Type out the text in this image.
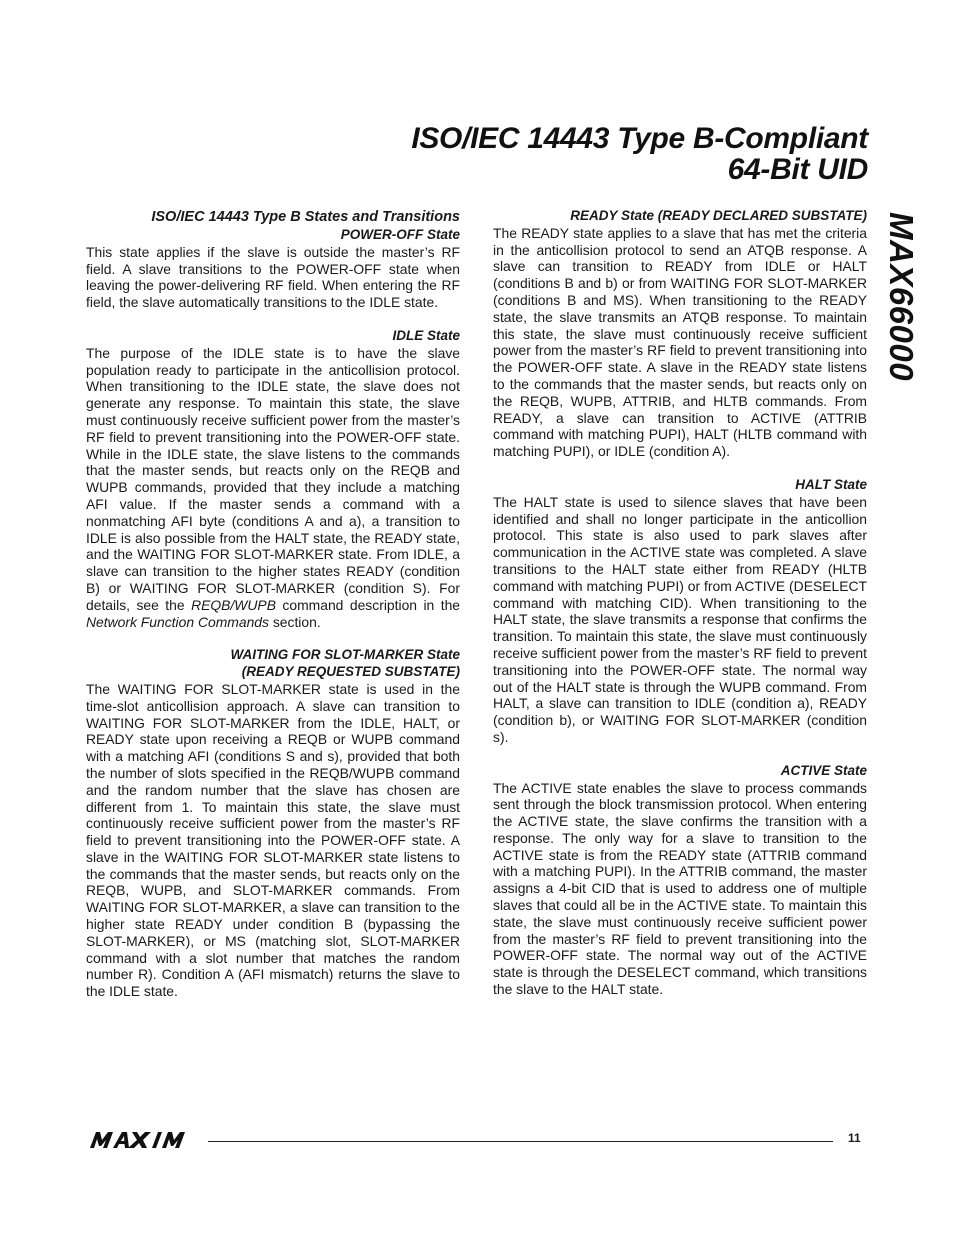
ISO/IEC 14443 Type B-Compliant
64-Bit UID
MAX66000
ISO/IEC 14443 Type B States and Transitions
POWER-OFF State

This state applies if the slave is outside the master’s RF field. A slave transitions to the POWER-OFF state when leaving the power-delivering RF field. When entering the RF field, the slave automatically transitions to the IDLE state.

IDLE State

The purpose of the IDLE state is to have the slave population ready to participate in the anticollision protocol. When transitioning to the IDLE state, the slave does not generate any response. To maintain this state, the slave must continuously receive sufficient power from the master’s RF field to prevent transitioning into the POWER-OFF state. While in the IDLE state, the slave listens to the commands that the master sends, but reacts only on the REQB and WUPB commands, provided that they include a matching AFI value. If the master sends a command with a nonmatching AFI byte (conditions A and a), a transition to IDLE is also possible from the HALT state, the READY state, and the WAITING FOR SLOT-MARKER state. From IDLE, a slave can transition to the higher states READY (condition B) or WAITING FOR SLOT-MARKER (condition S). For details, see the REQB/WUPB command description in the Network Function Commands section.

WAITING FOR SLOT-MARKER State
(READY REQUESTED SUBSTATE)

The WAITING FOR SLOT-MARKER state is used in the time-slot anticollision approach. A slave can transition to WAITING FOR SLOT-MARKER from the IDLE, HALT, or READY state upon receiving a REQB or WUPB command with a matching AFI (conditions S and s), provided that both the number of slots specified in the REQB/WUPB command and the random number that the slave has chosen are different from 1. To maintain this state, the slave must continuously receive sufficient power from the master’s RF field to prevent transitioning into the POWER-OFF state. A slave in the WAITING FOR SLOT-MARKER state listens to the commands that the master sends, but reacts only on the REQB, WUPB, and SLOT-MARKER commands. From WAITING FOR SLOT-MARKER, a slave can transition to the higher state READY under condition B (bypassing the SLOT-MARKER), or MS (matching slot, SLOT-MARKER command with a slot number that matches the random number R). Condition A (AFI mismatch) returns the slave to the IDLE state.

READY State (READY DECLARED SUBSTATE)

The READY state applies to a slave that has met the criteria in the anticollision protocol to send an ATQB response. A slave can transition to READY from IDLE or HALT (conditions B and b) or from WAITING FOR SLOT-MARKER (conditions B and MS). When transitioning to the READY state, the slave transmits an ATQB response. To maintain this state, the slave must continuously receive sufficient power from the master’s RF field to prevent transitioning into the POWER-OFF state. A slave in the READY state listens to the commands that the master sends, but reacts only on the REQB, WUPB, ATTRIB, and HLTB commands. From READY, a slave can transition to ACTIVE (ATTRIB command with matching PUPI), HALT (HLTB command with matching PUPI), or IDLE (condition A).

HALT State

The HALT state is used to silence slaves that have been identified and shall no longer participate in the anticollion protocol. This state is also used to park slaves after communication in the ACTIVE state was completed. A slave transitions to the HALT state either from READY (HLTB command with matching PUPI) or from ACTIVE (DESELECT command with matching CID). When transitioning to the HALT state, the slave transmits a response that confirms the transition. To maintain this state, the slave must continuously receive sufficient power from the master’s RF field to prevent transitioning into the POWER-OFF state. The normal way out of the HALT state is through the WUPB command. From HALT, a slave can transition to IDLE (condition a), READY (condition b), or WAITING FOR SLOT-MARKER (condition s).

ACTIVE State

The ACTIVE state enables the slave to process commands sent through the block transmission protocol. When entering the ACTIVE state, the slave confirms the transition with a response. The only way for a slave to transition to the ACTIVE state is from the READY state (ATTRIB command with a matching PUPI). In the ATTRIB command, the master assigns a 4-bit CID that is used to address one of multiple slaves that could all be in the ACTIVE state. To maintain this state, the slave must continuously receive sufficient power from the master’s RF field to prevent transitioning into the POWER-OFF state. The normal way out of the ACTIVE state is through the DESELECT command, which transitions the slave to the HALT state.

11
